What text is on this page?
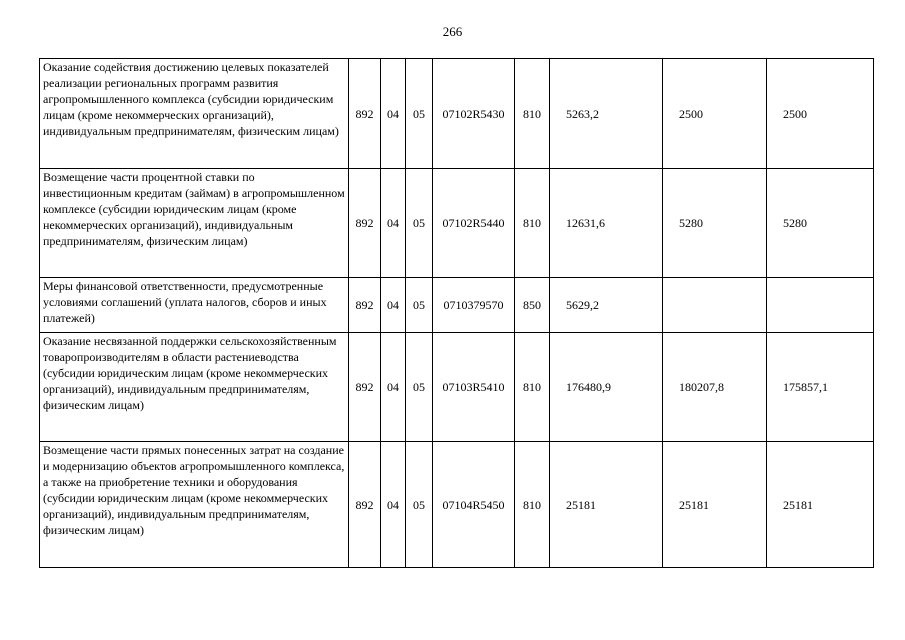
266
Оказание содействия достижению целевых показателей реализации региональных программ развития агропромышленного комплекса (субсидии юридическим лицам (кроме некоммерческих организаций), индивидуальным предпринимателям, физическим лицам)	892	04	05	07102R5430	810	5263,2	2500	2500
Возмещение части процентной ставки по инвестиционным кредитам (займам) в агропромышленном комплексе (субсидии юридическим лицам (кроме некоммерческих организаций), индивидуальным предпринимателям, физическим лицам)	892	04	05	07102R5440	810	12631,6	5280	5280
Меры финансовой ответственности, предусмотренные условиями соглашений (уплата налогов, сборов и иных платежей)	892	04	05	0710379570	850	5629,2		
Оказание несвязанной поддержки сельскохозяйственным товаропроизводителям в области растениеводства (субсидии юридическим лицам (кроме некоммерческих организаций), индивидуальным предпринимателям, физическим лицам)	892	04	05	07103R5410	810	176480,9	180207,8	175857,1
Возмещение части прямых понесенных затрат на создание и модернизацию объектов агропромышленного комплекса, а также на приобретение техники и оборудования (субсидии юридическим лицам (кроме некоммерческих организаций), индивидуальным предпринимателям, физическим лицам)	892	04	05	07104R5450	810	25181	25181	25181
